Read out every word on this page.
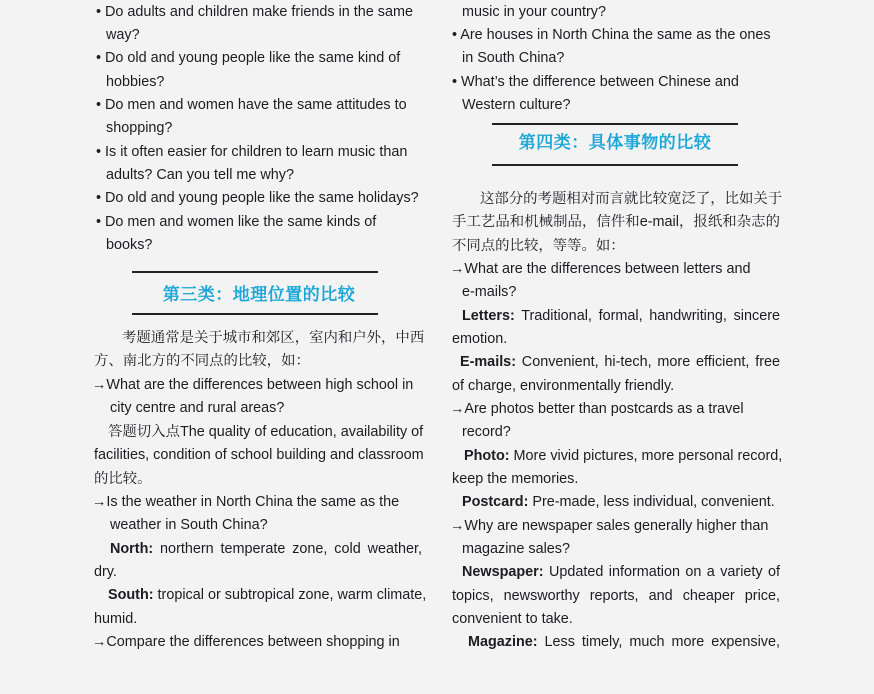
• Do adults and children make friends in the same
way?
• Do old and young people like the same kind of
hobbies?
• Do men and women have the same attitudes to
shopping?
• Is it often easier for children to learn music than
adults? Can you tell me why?
• Do old and young people like the same holidays?
• Do men and women like the same kinds of
books?
第三类：地理位置的比较
考题通常是关于城市和郊区，室内和户外，中西
方、南北方的不同点的比较，如：
→What are the differences between high school in
city centre and rural areas?
答题切入点The quality of education, availability of
facilities, condition of school building and classroom
的比较。
→Is the weather in North China the same as the
weather in South China?
North: northern temperate zone, cold weather,
dry.
South: tropical or subtropical zone, warm climate,
humid.
→Compare the differences between shopping in
music in your country?
• Are houses in North China the same as the ones
in South China?
• What’s the difference between Chinese and
Western culture?
第四类：具体事物的比较
这部分的考题相对而言就比较宽泛了，比如关于
手工艺品和机械制品，信件和e-mail，报纸和杂志的
不同点的比较，等等。如：
→What are the differences between letters and
e-mails?
Letters: Traditional, formal, handwriting, sincere
emotion.
E-mails: Convenient, hi-tech, more efficient, free
of charge, environmentally friendly.
→Are photos better than postcards as a travel
record?
Photo: More vivid pictures, more personal record,
keep the memories.
Postcard: Pre-made, less individual, convenient.
→Why are newspaper sales generally higher than
magazine sales?
Newspaper: Updated information on a variety of
topics, newsworthy reports, and cheaper price,
convenient to take.
Magazine: Less timely, much more expensive,
